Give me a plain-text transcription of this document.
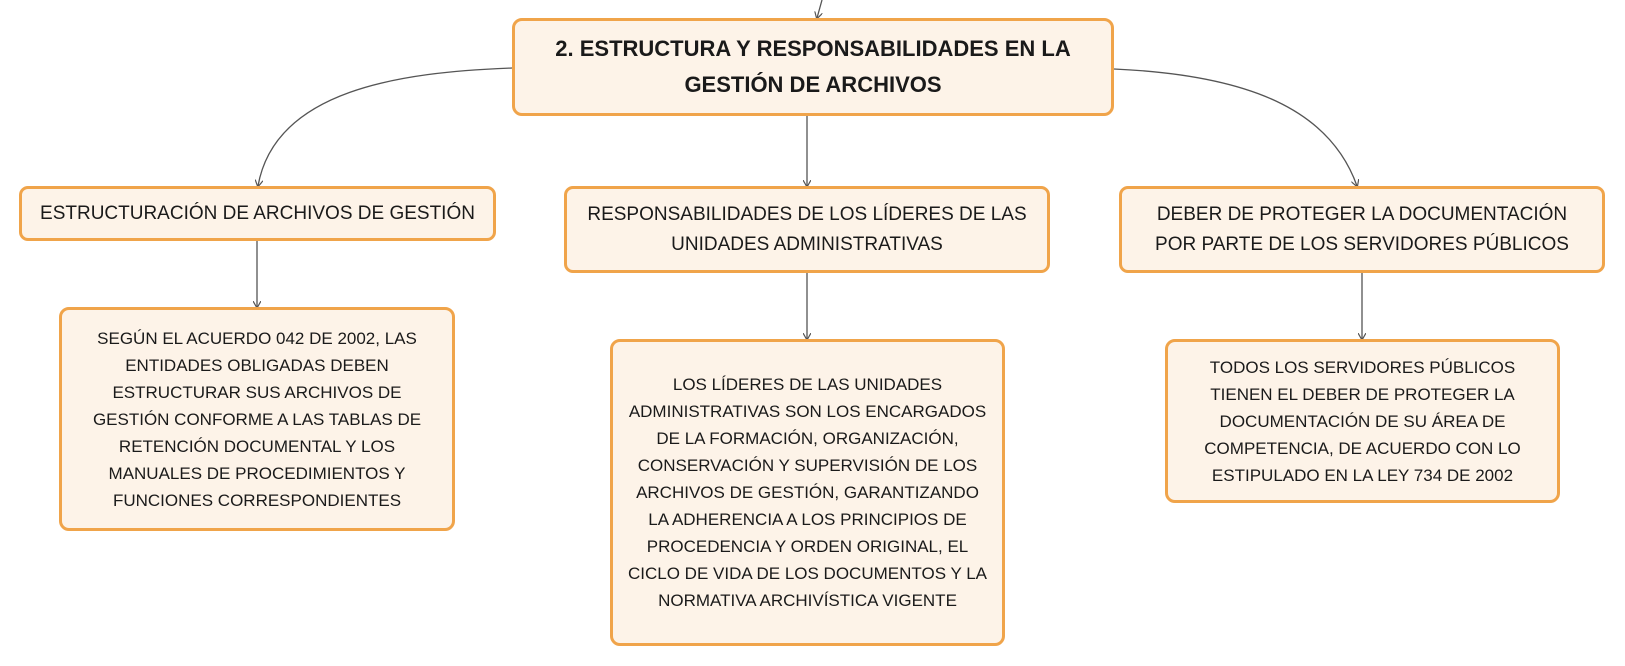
2. ESTRUCTURA Y RESPONSABILIDADES EN LA GESTIÓN DE ARCHIVOS
ESTRUCTURACIÓN DE ARCHIVOS DE GESTIÓN	RESPONSABILIDADES DE LOS LÍDERES DE LAS UNIDADES ADMINISTRATIVAS
DEBER DE PROTEGER LA DOCUMENTACIÓN POR PARTE DE LOS SERVIDORES PÚBLICOS
SEGÚN EL ACUERDO 042 DE 2002, LAS ENTIDADES OBLIGADAS DEBEN ESTRUCTURAR SUS ARCHIVOS DE GESTIÓN CONFORME A LAS TABLAS DE RETENCIÓN DOCUMENTAL Y LOS MANUALES DE PROCEDIMIENTOS Y FUNCIONES CORRESPONDIENTES
LOS LÍDERES DE LAS UNIDADES ADMINISTRATIVAS SON LOS ENCARGADOS DE LA FORMACIÓN, ORGANIZACIÓN, CONSERVACIÓN Y SUPERVISIÓN DE LOS ARCHIVOS DE GESTIÓN, GARANTIZANDO LA ADHERENCIA A LOS PRINCIPIOS DE PROCEDENCIA Y ORDEN ORIGINAL, EL CICLO DE VIDA DE LOS DOCUMENTOS Y LA NORMATIVA ARCHIVÍSTICA VIGENTE
TODOS LOS SERVIDORES PÚBLICOS TIENEN EL DEBER DE PROTEGER LA DOCUMENTACIÓN DE SU ÁREA DE COMPETENCIA, DE ACUERDO CON LO ESTIPULADO EN LA LEY 734 DE 2002
